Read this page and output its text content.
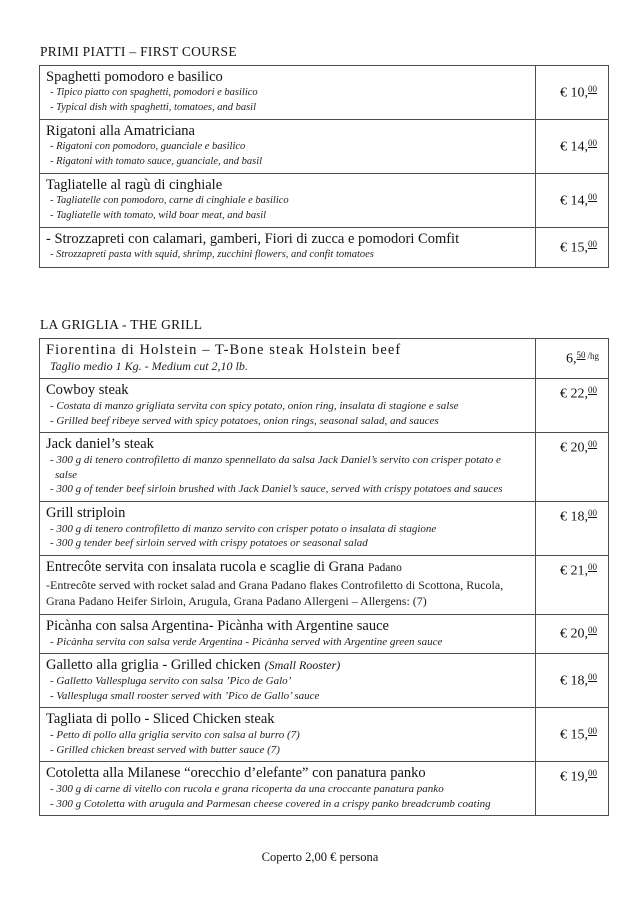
PRIMI PIATTI – FIRST COURSE
Spaghetti pomodoro e basilico
- Tipico piatto con spaghetti, pomodori e basilico
- Typical dish with spaghetti, tomatoes, and basil
€ 10,00
Rigatoni alla Amatriciana
- Rigatoni con pomodoro, guanciale e basilico
- Rigatoni with tomato sauce, guanciale, and basil
€ 14,00
Tagliatelle al ragù di cinghiale
- Tagliatelle con pomodoro, carne di cinghiale e basilico
- Tagliatelle with tomato, wild boar meat, and basil
€ 14,00
- Strozzapreti con calamari, gamberi, Fiori di zucca e pomodori Comfit
- Strozzapreti pasta with squid, shrimp, zucchini flowers, and confit tomatoes	€ 15,00
LA GRIGLIA - THE GRILL
Fiorentina di Holstein – T-Bone steak Holstein beef
Taglio medio 1 Kg. - Medium cut 2,10 lb.	6,50 $^{/hg}$
Cowboy steak
- Costata di manzo grigliata servita con spicy potato, onion ring, insalata di stagione e salse
- Grilled beef ribeye served with spicy potatoes, onion rings, seasonal salad, and sauces
€ 22,00
Jack daniel’s steak
- 300 g di tenero controfiletto di manzo spennellato da salsa Jack Daniel’s servito con crisper potato e salse
- 300 g of tender beef sirloin brushed with Jack Daniel’s sauce, served with crispy potatoes and sauces
€ 20,00
Grill striploin
- 300 g di tenero controfiletto di manzo servito con crisper potato o insalata di stagione
- 300 g tender beef sirloin served with crispy potatoes or seasonal salad
€ 18,00
Entrecôte servita con insalata rucola e scaglie di Grana Padano
-Entrecôte served with rocket salad and Grana Padano flakes Controfiletto di Scottona, Rucola, Grana Padano Heifer Sirloin, Arugula, Grana Padano Allergeni – Allergens: (7)
€ 21,00
Picànha con salsa Argentina- Picànha with Argentine sauce
- Picànha servita con salsa verde Argentina - Picànha served with Argentine green sauce	€ 20,00
Galletto alla griglia - Grilled chicken (Small Rooster)
- Galletto Vallespluga servito con salsa ’Pico de Galo’
- Vallespluga small rooster served with ’Pico de Gallo’ sauce
€ 18,00
Tagliata di pollo - Sliced Chicken steak
- Petto di pollo alla griglia servito con salsa al burro (7)
- Grilled chicken breast served with butter sauce (7)
€ 15,00
Cotoletta alla Milanese “orecchio d’elefante” con panatura panko
- 300 g di carne di vitello con rucola e grana ricoperta da una croccante panatura panko
- 300 g Cotoletta with arugula and Parmesan cheese covered in a crispy panko breadcrumb coating
€ 19,00
Coperto 2,00 € persona
